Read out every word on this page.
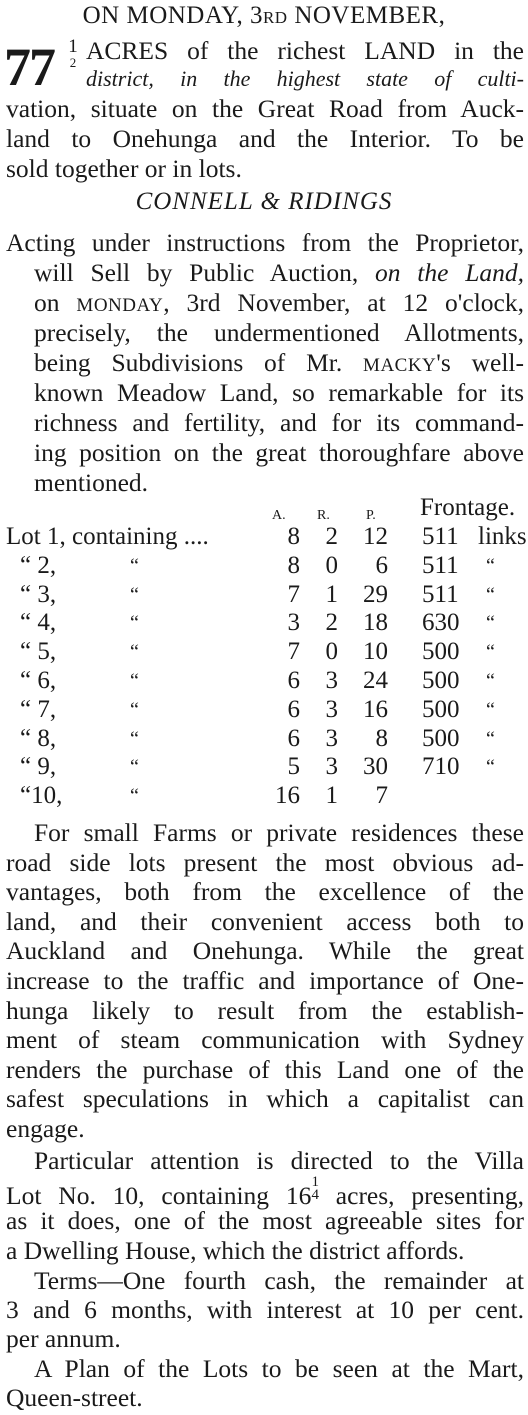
ON MONDAY, 3RD NOVEMBER,
77 1
2 ACRES of the richest LAND in the
district, in the highest state of culti-
vation, situate on the Great Road from Auck-
land to Onehunga and the Interior. To be
sold together or in lots.
CONNELL & RIDINGS
Acting under instructions from the Proprietor,
will Sell by Public Auction, on the Land,
on MONDAY, 3rd November, at 12 o'clock,
precisely, the undermentioned Allotments,
being Subdivisions of Mr. MACKY's well-
known Meadow Land, so remarkable for its
richness and fertility, and for its command-
ing position on the great thoroughfare above
mentioned.
A. R.	P. Frontage.
Lot 1, containing ....	8	2	12 511 links
“ 2,	“	8	0	6 511 “
“ 3,	“	7	1	29 511 “
“ 4,	“	3	2	18 630 “
“ 5,	“	7	0	10 500 “
“ 6,	“	6	3	24 500 “
“ 7,	“	6	3	16 500 “
“ 8,	“	6	3	8 500 “
“ 9,	“	5	3	30 710 “
“10,	“	16	1	7
For small Farms or private residences these
road side lots present the most obvious ad-
vantages, both from the excellence of the
land, and their convenient access both to
Auckland and Onehunga. While the great
increase to the traffic and importance of One-
hunga likely to result from the establish-
ment of steam communication with Sydney
renders the purchase of this Land one of the
safest speculations in which a capitalist can
engage.
Particular attention is directed to the Villa
Lot No. 10, containing 16 1
4 acres, presenting,
as it does, one of the most agreeable sites for
a Dwelling House, which the district affords.
Terms—One fourth cash, the remainder at
3 and 6 months, with interest at 10 per cent.
per annum.
A Plan of the Lots to be seen at the Mart,
Queen-street.
